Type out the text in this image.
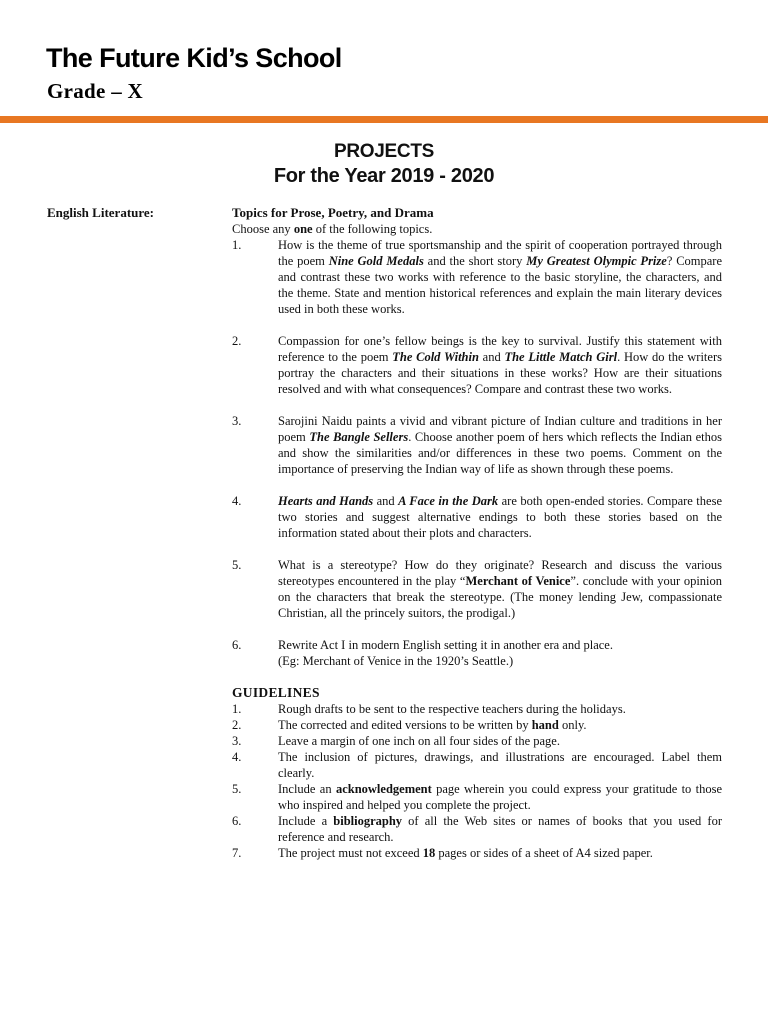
The Future Kid’s School
Grade – X
PROJECTS
For the Year 2019 - 2020
English Literature:	Topics for Prose, Poetry, and Drama
Choose any one of the following topics.
1.	How is the theme of true sportsmanship and the spirit of cooperation portrayed through the poem Nine Gold Medals and the short story My Greatest Olympic Prize? Compare and contrast these two works with reference to the basic storyline, the characters, and the theme. State and mention historical references and explain the main literary devices used in both these works.
2.	Compassion for one’s fellow beings is the key to survival. Justify this statement with reference to the poem The Cold Within and The Little Match Girl. How do the writers portray the characters and their situations in these works? How are their situations resolved and with what consequences? Compare and contrast these two works.
3.	Sarojini Naidu paints a vivid and vibrant picture of Indian culture and traditions in her poem The Bangle Sellers. Choose another poem of hers which reflects the Indian ethos and show the similarities and/or differences in these two poems. Comment on the importance of preserving the Indian way of life as shown through these poems.
4.	Hearts and Hands and A Face in the Dark are both open-ended stories. Compare these two stories and suggest alternative endings to both these stories based on the information stated about their plots and characters.
5.	What is a stereotype? How do they originate? Research and discuss the various stereotypes encountered in the play “Merchant of Venice”. conclude with your opinion on the characters that break the stereotype. (The money lending Jew, compassionate Christian, all the princely suitors, the prodigal.)
6.	Rewrite Act I in modern English setting it in another era and place.
(Eg: Merchant of Venice in the 1920’s Seattle.)
GUIDELINES
1.	Rough drafts to be sent to the respective teachers during the holidays.
2.	The corrected and edited versions to be written by hand only.
3.	Leave a margin of one inch on all four sides of the page.
4.	The inclusion of pictures, drawings, and illustrations are encouraged. Label them clearly.
5.	Include an acknowledgement page wherein you could express your gratitude to those who inspired and helped you complete the project.
6.	Include a bibliography of all the Web sites or names of books that you used for reference and research.
7.	The project must not exceed 18 pages or sides of a sheet of A4 sized paper.
